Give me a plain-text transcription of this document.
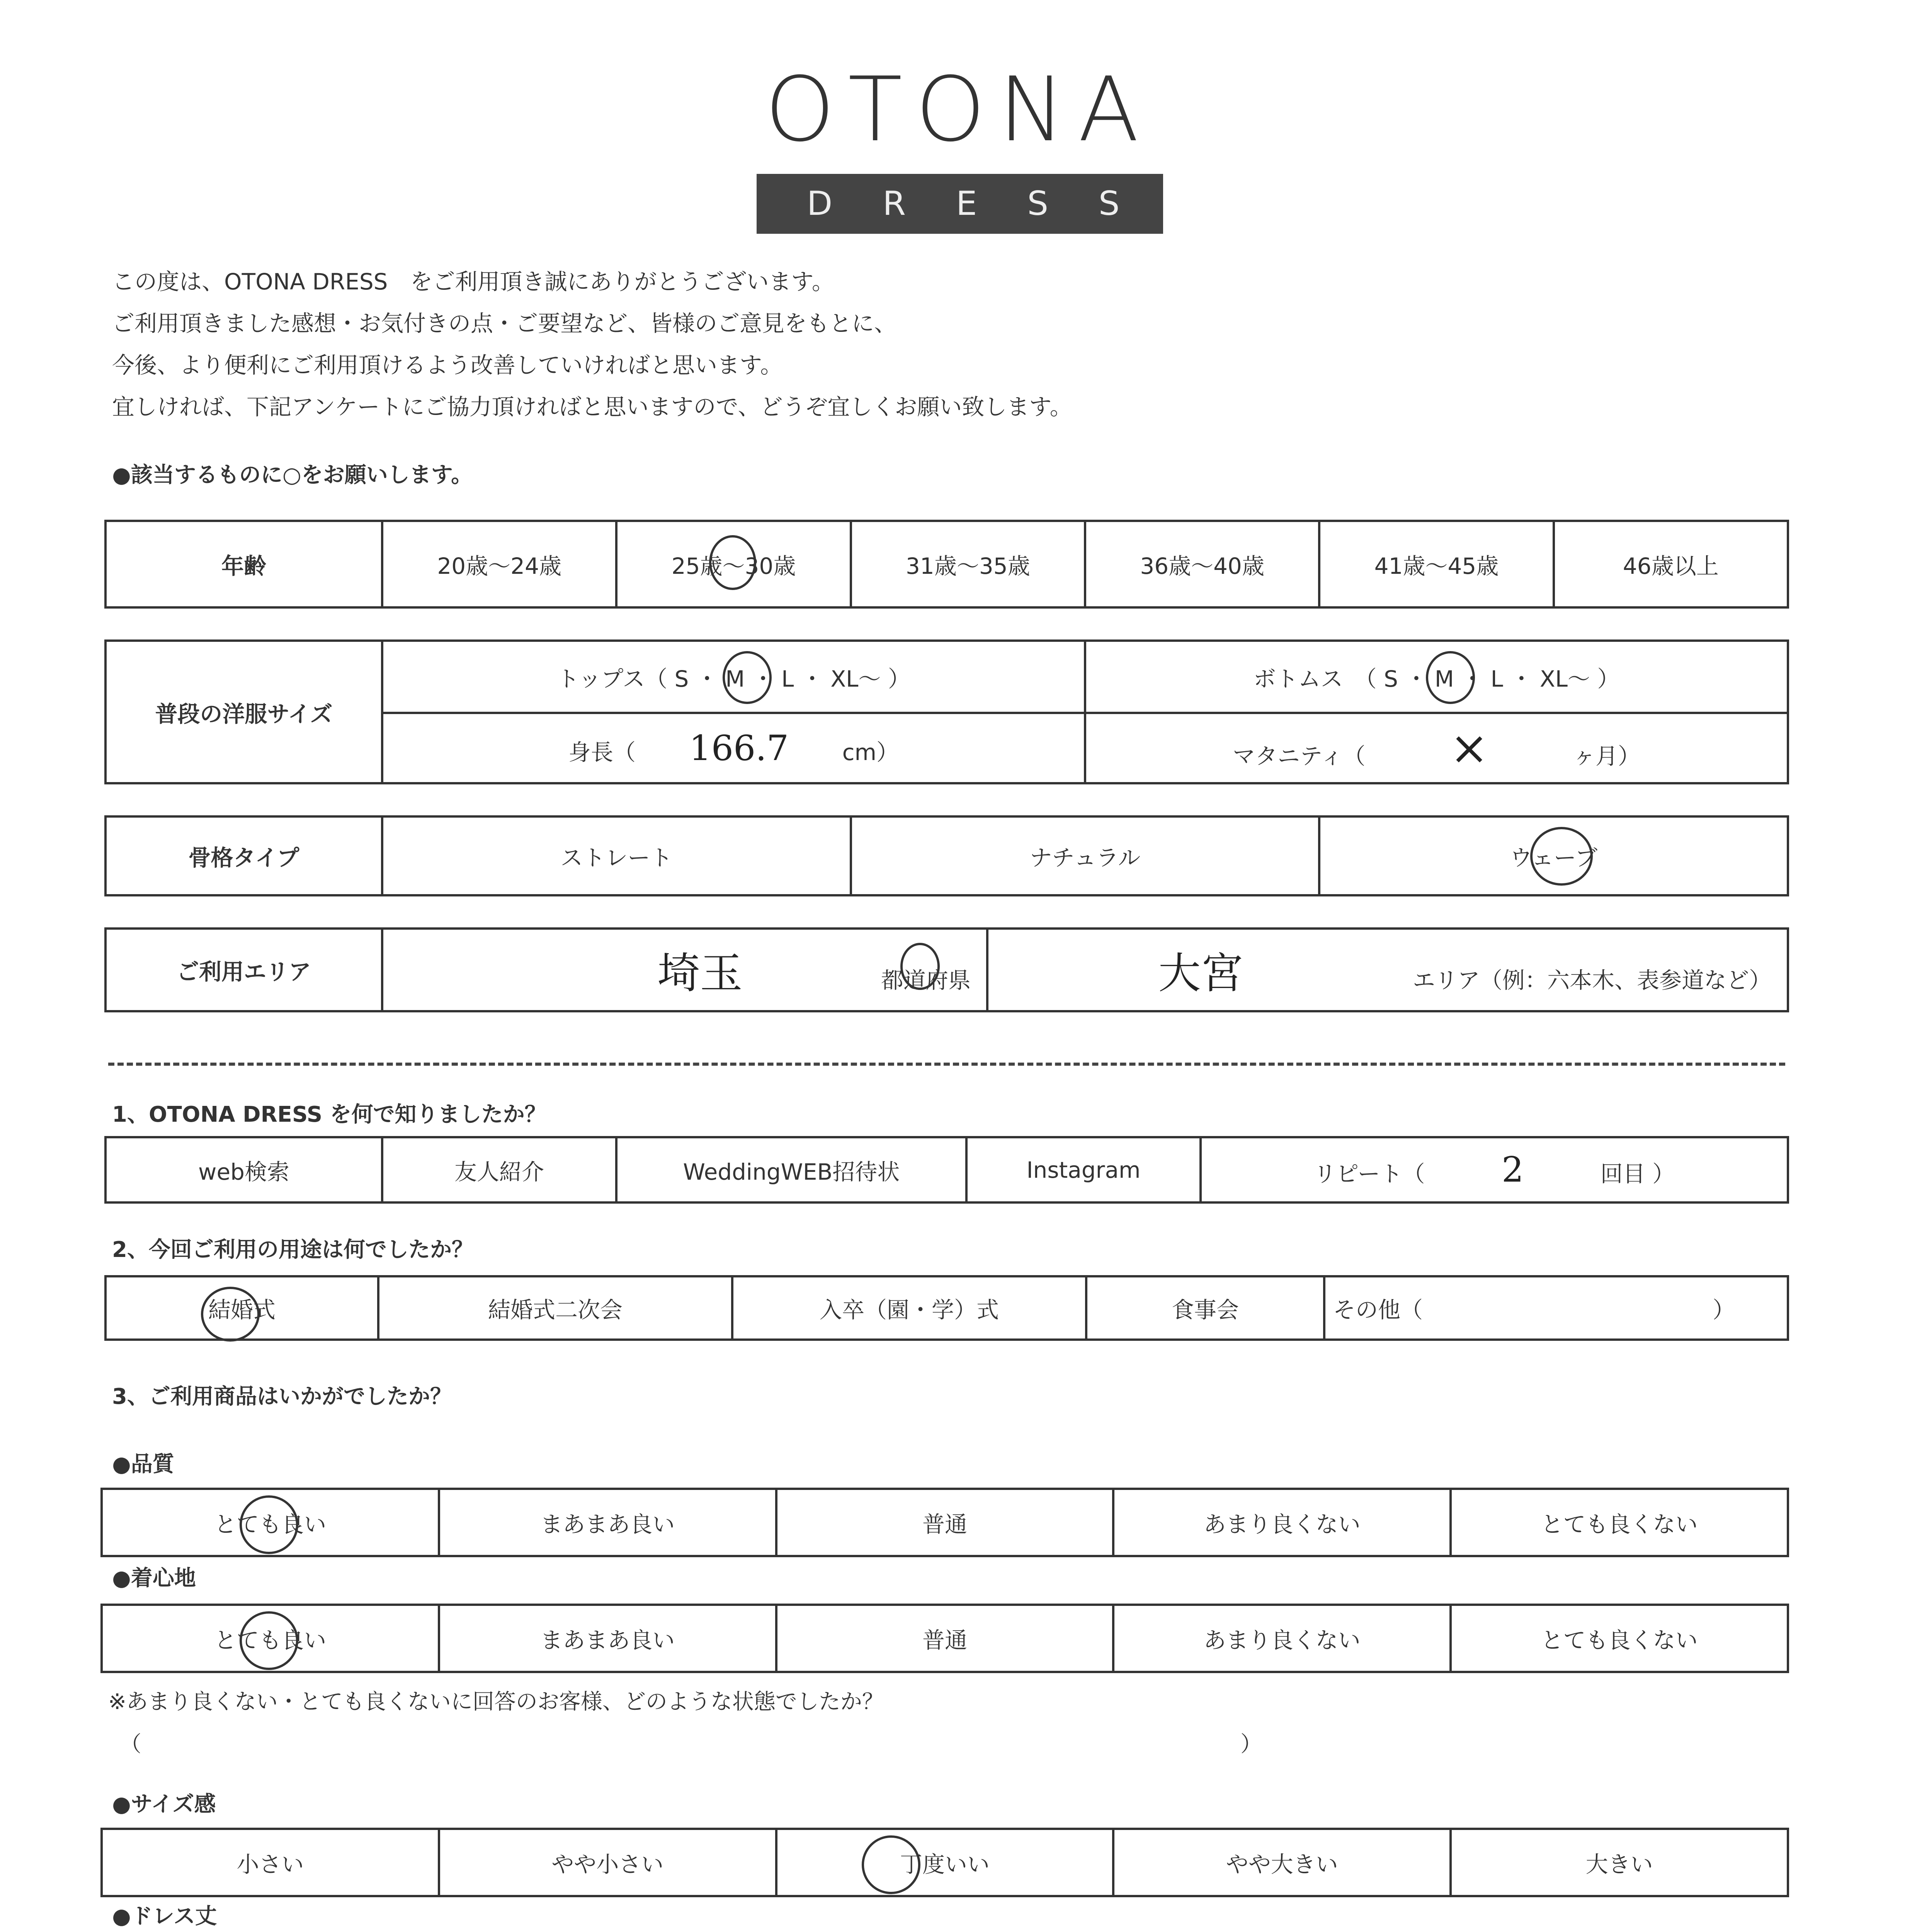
OTONA
DRESS
この度は、OTONA DRESS　をご利用頂き誠にありがとうございます。
ご利用頂きました感想・お気付きの点・ご要望など、皆様のご意見をもとに、
今後、より便利にご利用頂けるよう改善していければと思います。
宜しければ、下記アンケートにご協力頂ければと思いますので、どうぞ宜しくお願い致します。
●該当するものに○をお願いします。
年齢	20歳～24歳	25歳～30歳	31歳～35歳	36歳～40歳	41歳～45歳	46歳以上
普段の洋服サイズ	トップス（ S ・ M ・ L ・ XL～ ）	ボトムス　（ S ・ M ・ L ・ XL～ ）
	身長（ 166.7 cm）	マタニティ（ × ヶ月）
骨格タイプ	ストレート	ナチュラル	ウェーブ
ご利用エリア	埼玉	都道府県	大宮	エリア（例：六本木、表参道など）
1、OTONA DRESS を何で知りましたか？
web検索	友人紹介	WeddingWEB招待状	Instagram	リピート（ 2	回目 ）
2、今回ご利用の用途は何でしたか？
結婚式	結婚式二次会	入卒（園・学）式	食事会	その他（	）
3、ご利用商品はいかがでしたか？
●品質
とても良い	まあまあ良い	普通	あまり良くない	とても良くない
●着心地
とても良い	まあまあ良い	普通	あまり良くない	とても良くない
※あまり良くない・とても良くないに回答のお客様、どのような状態でしたか？
（	）
●サイズ感
小さい	やや小さい	丁度いい	やや大きい	大きい
●ドレス丈
